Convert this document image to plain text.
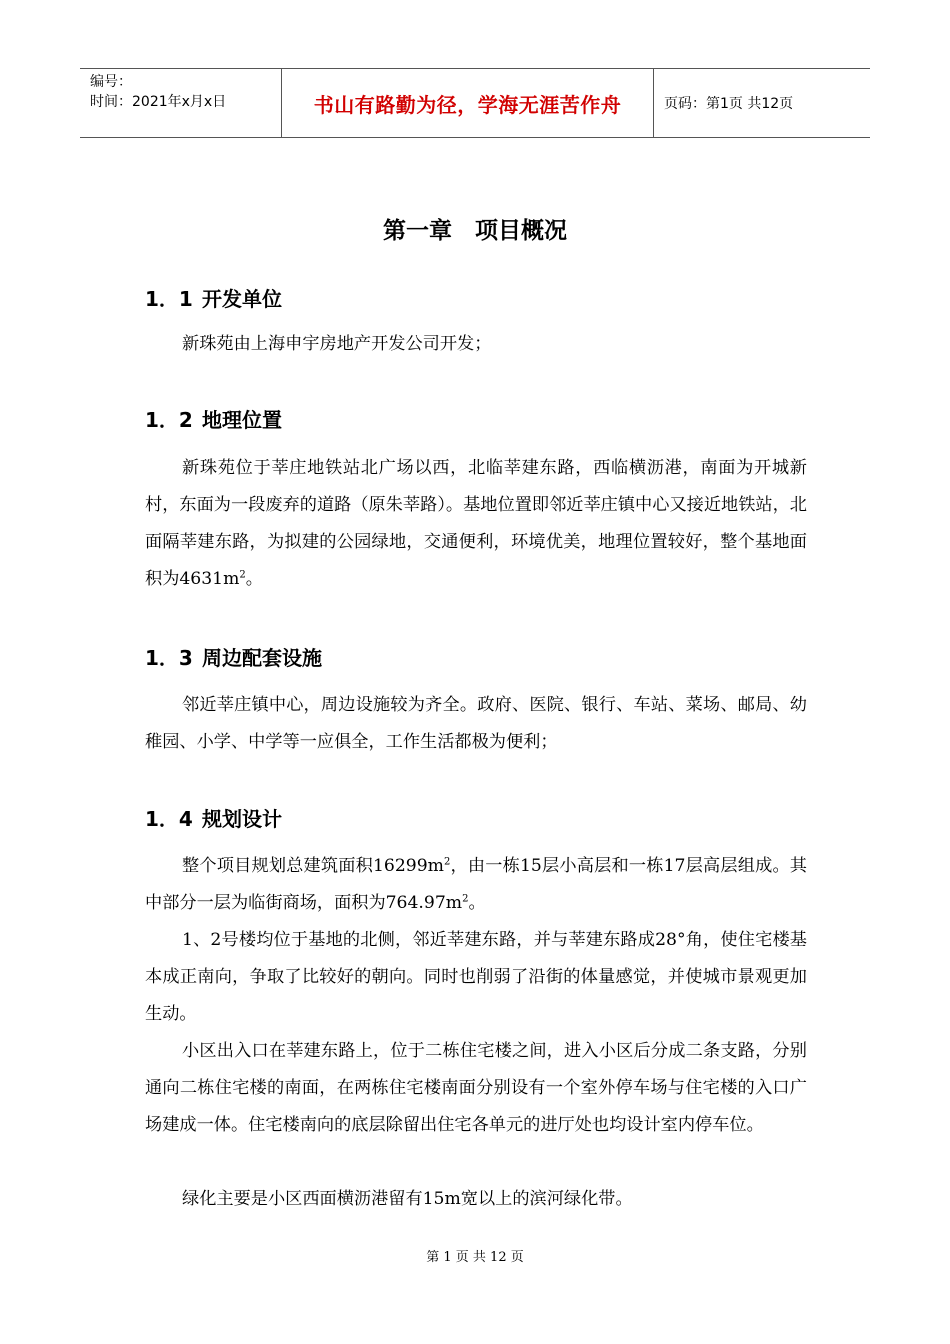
编号：
时间：2021年x月x日	书山有路勤为径，学海无涯苦作舟	页码：第1页 共12页
第一章　项目概况
1．1 开发单位
新珠苑由上海申宇房地产开发公司开发；
1．2 地理位置
新珠苑位于莘庄地铁站北广场以西，北临莘建东路，西临横沥港，南面为开城新村，东面为一段废弃的道路（原朱莘路）。基地位置即邻近莘庄镇中心又接近地铁站，北面隔莘建东路，为拟建的公园绿地，交通便利，环境优美，地理位置较好，整个基地面积为$4631m^2$。
1．3 周边配套设施
邻近莘庄镇中心，周边设施较为齐全。政府、医院、银行、车站、菜场、邮局、幼稚园、小学、中学等一应俱全，工作生活都极为便利；
1．4 规划设计
整个项目规划总建筑面积$16299m^2$，由一栋15层小高层和一栋17层高层组成。其中部分一层为临街商场，面积为$764.97m^2$。
1、2号楼均位于基地的北侧，邻近莘建东路，并与莘建东路成28°角，使住宅楼基本成正南向，争取了比较好的朝向。同时也削弱了沿街的体量感觉，并使城市景观更加生动。
小区出入口在莘建东路上，位于二栋住宅楼之间，进入小区后分成二条支路，分别通向二栋住宅楼的南面，在两栋住宅楼南面分别设有一个室外停车场与住宅楼的入口广场建成一体。住宅楼南向的底层除留出住宅各单元的进厅处也均设计室内停车位。
绿化主要是小区西面横沥港留有15m宽以上的滨河绿化带。
第 1 页 共 12 页
